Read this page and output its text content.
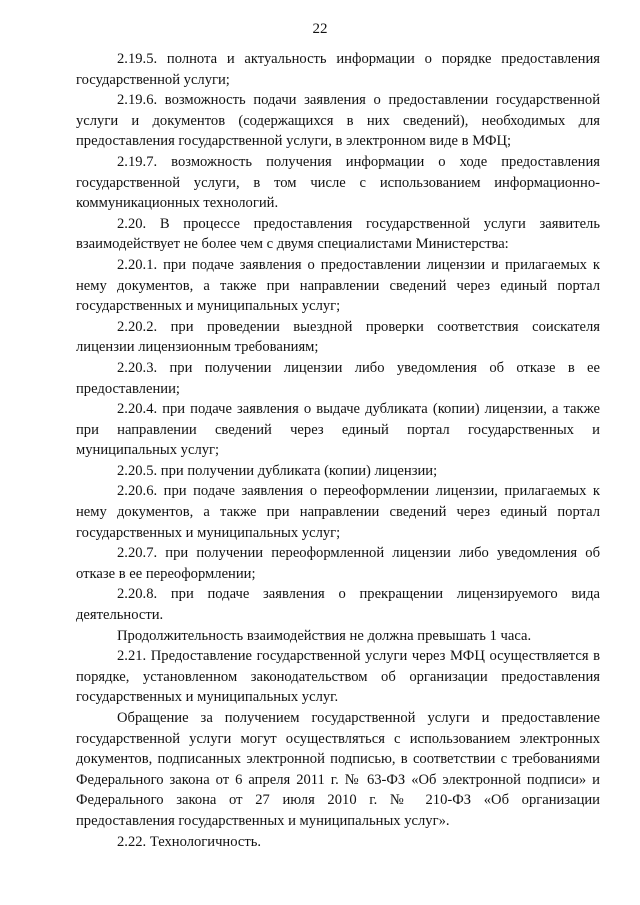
22

2.19.5. полнота и актуальность информации о порядке предоставления государственной услуги;

2.19.6. возможность подачи заявления о предоставлении государственной услуги и документов (содержащихся в них сведений), необходимых для предоставления государственной услуги, в электронном виде в МФЦ;

2.19.7. возможность получения информации о ходе предоставления государственной услуги, в том числе с использованием информационно-коммуникационных технологий.

2.20. В процессе предоставления государственной услуги заявитель взаимодействует не более чем с двумя специалистами Министерства:

2.20.1. при подаче заявления о предоставлении лицензии и прилагаемых к нему документов, а также при направлении сведений через единый портал государственных и муниципальных услуг;

2.20.2. при проведении выездной проверки соответствия соискателя лицензии лицензионным требованиям;

2.20.3. при получении лицензии либо уведомления об отказе в ее предоставлении;

2.20.4. при подаче заявления о выдаче дубликата (копии) лицензии, а также при направлении сведений через единый портал государственных и муниципальных услуг;

2.20.5. при получении дубликата (копии) лицензии;

2.20.6. при подаче заявления о переоформлении лицензии, прилагаемых к нему документов, а также при направлении сведений через единый портал государственных и муниципальных услуг;

2.20.7. при получении переоформленной лицензии либо уведомления об отказе в ее переоформлении;

2.20.8. при подаче заявления о прекращении лицензируемого вида деятельности.

Продолжительность взаимодействия не должна превышать 1 часа.

2.21. Предоставление государственной услуги через МФЦ осуществляется в порядке, установленном законодательством об организации предоставления государственных и муниципальных услуг.

Обращение за получением государственной услуги и предоставление государственной услуги могут осуществляться с использованием электронных документов, подписанных электронной подписью, в соответствии с требованиями Федерального закона от 6 апреля 2011 г. № 63-ФЗ «Об электронной подписи» и Федерального закона от 27 июля 2010 г. № 210-ФЗ «Об организации предоставления государственных и муниципальных услуг».

2.22. Технологичность.
